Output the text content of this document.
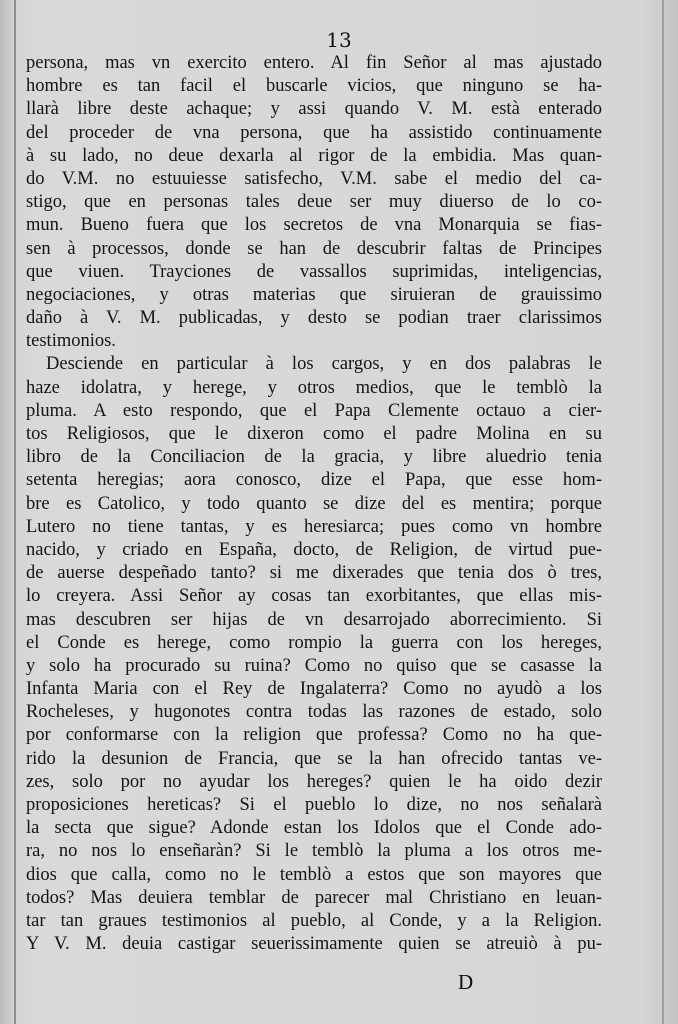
13
persona, mas vn exercito entero. Al fin Señor al mas ajustado
hombre es tan facil el buscarle vicios, que ninguno se ha-
llarà libre deste achaque; y assi quando V. M. està enterado
del proceder de vna persona, que ha assistido continuamente
à su lado, no deue dexarla al rigor de la embidia. Mas quan-
do V.M. no estuuiesse satisfecho, V.M. sabe el medio del ca-
stigo, que en personas tales deue ser muy diuerso de lo co-
mun. Bueno fuera que los secretos de vna Monarquia se fias-
sen à processos, donde se han de descubrir faltas de Principes
que viuen. Trayciones de vassallos suprimidas, inteligencias,
negociaciones, y otras materias que siruieran de grauissimo
daño à V. M. publicadas, y desto se podian traer clarissimos
testimonios.
Desciende en particular à los cargos, y en dos palabras le
haze idolatra, y herege, y otros medios, que le temblò la
pluma. A esto respondo, que el Papa Clemente octauo a cier-
tos Religiosos, que le dixeron como el padre Molina en su
libro de la Conciliacion de la gracia, y libre aluedrio tenia
setenta heregias; aora conosco, dize el Papa, que esse hom-
bre es Catolico, y todo quanto se dize del es mentira; porque
Lutero no tiene tantas, y es heresiarca; pues como vn hombre
nacido, y criado en España, docto, de Religion, de virtud pue-
de auerse despeñado tanto? si me dixerades que tenia dos ò tres,
lo creyera. Assi Señor ay cosas tan exorbitantes, que ellas mis-
mas descubren ser hijas de vn desarrojado aborrecimiento. Si
el Conde es herege, como rompio la guerra con los hereges,
y solo ha procurado su ruina? Como no quiso que se casasse la
Infanta Maria con el Rey de Ingalaterra? Como no ayudò a los
Rocheleses, y hugonotes contra todas las razones de estado, solo
por conformarse con la religion que professa? Como no ha que-
rido la desunion de Francia, que se la han ofrecido tantas ve-
zes, solo por no ayudar los hereges? quien le ha oido dezir
proposiciones hereticas? Si el pueblo lo dize, no nos señalarà
la secta que sigue? Adonde estan los Idolos que el Conde ado-
ra, no nos lo enseñaràn? Si le temblò la pluma a los otros me-
dios que calla, como no le temblò a estos que son mayores que
todos? Mas deuiera temblar de parecer mal Christiano en leuan-
tar tan graues testimonios al pueblo, al Conde, y a la Religion.
Y V. M. deuia castigar seuerissimamente quien se atreuiò à pu-
D
